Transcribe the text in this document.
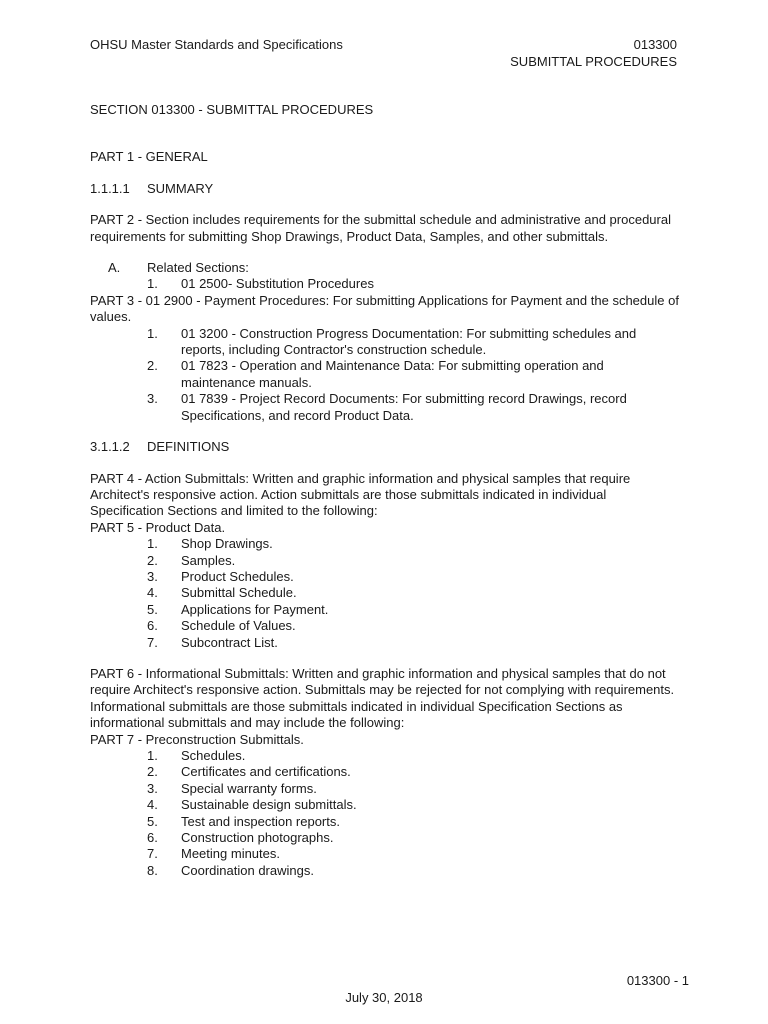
OHSU Master Standards and Specifications	013300
SUBMITTAL PROCEDURES

SECTION 013300 - SUBMITTAL PROCEDURES

PART 1 - GENERAL

1.1.1.1 SUMMARY

PART 2 - Section includes requirements for the submittal schedule and administrative and procedural requirements for submitting Shop Drawings, Product Data, Samples, and other submittals.

A. Related Sections:
1. 01 2500- Substitution Procedures

PART 3 - 01 2900 - Payment Procedures: For submitting Applications for Payment and the schedule of values.

1. 01 3200 - Construction Progress Documentation: For submitting schedules and reports, including Contractor's construction schedule.
2. 01 7823 - Operation and Maintenance Data: For submitting operation and maintenance manuals.
3. 01 7839 - Project Record Documents: For submitting record Drawings, record Specifications, and record Product Data.

3.1.1.2 DEFINITIONS

PART 4 - Action Submittals: Written and graphic information and physical samples that require Architect's responsive action. Action submittals are those submittals indicated in individual Specification Sections and limited to the following:

PART 5 - Product Data.

1. Shop Drawings.
2. Samples.
3. Product Schedules.
4. Submittal Schedule.
5. Applications for Payment.
6. Schedule of Values.
7. Subcontract List.

PART 6 - Informational Submittals: Written and graphic information and physical samples that do not require Architect's responsive action. Submittals may be rejected for not complying with requirements. Informational submittals are those submittals indicated in individual Specification Sections as informational submittals and may include the following:

PART 7 - Preconstruction Submittals.

1. Schedules.
2. Certificates and certifications.
3. Special warranty forms.
4. Sustainable design submittals.
5. Test and inspection reports.
6. Construction photographs.
7. Meeting minutes.
8. Coordination drawings.
013300 - 1
July 30, 2018
